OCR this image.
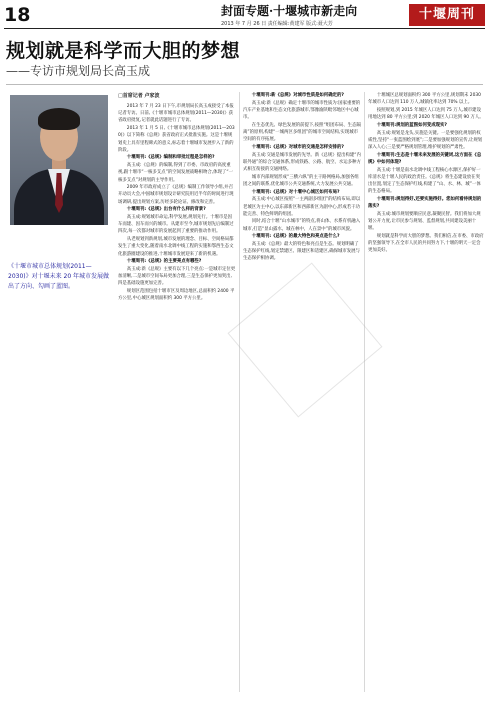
18	封面专题·十堰城市新走向
2013 年 7 月 26 日 责任编辑:黄建军 版式:聂大芳
十堰周刊
规划就是科学而大胆的梦想
——专访市规划局长高玉成
《十堰市城市总体规划(2011—2030)》对十堰未来 20 年城市发展做出了方向、勾画了蓝图。
□首席记者 卢家波

2013 年 7 月 23 日下午,市规划局长高玉成接受了本报记者专访。日前,《十堰市城市总体规划(2011—2030)》获省政府批复,记者就此话题进行了专访。

2013 年 1 月 5 日,《十堰市城市总体规划(2011—2030)》以下简称《总规》获省政府正式批准实施。这是十堰规划史上具有里程碑式的意义,标志着十堰城市发展步入了新的阶段。

十堰周刊:《总规》编制和审批过程是怎样的?

高玉成:《总规》的编制,得到了市委、市政府的高度重视,跟十堰市“一核多支点”的空间发展战略相吻合,体现了“一核多支点”对规划的主导作用。

2009 年市政府成立了《总规》编制工作领导小组,并召开动员大会,中国城市规划设计研究院用近半年的时间进行现场调研,提出规划方案,历经多轮论证、修改和完善。

十堰周刊:《总规》出台有什么样的背景?

高玉成:规划城市命运,科学发展,规划先行。十堰市是因车而建、因车而兴的城市。从建市至今,城市规划先后编制过四次,每一次都对城市的发展起到了重要的推动作用。

从老规划到新规划,城市发展的理念、目标、空间格局都发生了重大变化,随着南水北调中线工程的实施和鄂西生态文化旅游圈建设的推进,十堰城市发展迎来了新的机遇。

十堰周刊:《总规》的主要亮点有哪些?

高玉成:新《总规》主要有以下几个亮点:一是城市定位更加清晰,二是城市空间布局更加合理,三是生态保护更加突出,四是基础设施更加完善。

规划区范围包括十堰市区及周边地区,总面积约 2400 平方公里,中心城区规划面积约 300 平方公里。

十堰周刊:新《总规》对城市性质是如何确定的?

高玉成:新《总规》确定十堰市的城市性质为:国家重要的汽车产业基地和生态文化旅游城市,鄂豫渝陕毗邻地区中心城市。

在生态优先、绿色发展的前提下,按照“组团布局、生态隔离”的原则,构建“一城两区多组团”的城市空间结构,实现城市空间的有序拓展。

十堰周刊:《总规》对城市的交通是怎样安排的?

高玉成:交通是城市发展的先导。新《总规》提出构建“内联外通”的综合交通体系,形成铁路、公路、航空、水运多种方式相互衔接的交通网络。

城市内部规划形成“三横六纵”的主干路网格局,加强各组团之间的联系,优化城市公共交通系统,大力发展公共交通。

十堰周刊:《总规》对十堰中心城区如何布局?

高玉成:中心城区按照“一主两副多组团”的结构布局,即以老城区为主中心,以东部新区和西部新区为副中心,形成若干功能完善、特色鲜明的组团。

同时,结合十堰“山水城市”的特点,将山体、水系有机融入城市,打造“显山露水、城在林中、人在景中”的城市风貌。

十堰周刊:《总规》的最大特色和亮点是什么?

高玉成:《总规》最大的特色和亮点是生态。规划明确了生态保护红线,划定禁建区、限建区和适建区,确保城市发展与生态保护相协调。

十堰城区总规划面积约 300 平方公里,规划期末 2030 年城市人口达到 110 万人,城镇化率达到 70% 以上。

按照规划,到 2015 年城区人口达到 75 万人,城市建设用地达到 80 平方公里;到 2020 年城区人口达到 90 万人。

十堰周刊:规划的蓝图如何变成现实?

高玉成:规划是龙头,实施是关键。一是要强化规划的权威性,坚持“一张蓝图绘到底”;二是要加强规划的宣传,让规划深入人心;三是要严格规划管理,维护规划的严肃性。

十堰周刊:生态是十堰未来发展的关键词,这方面在《总规》中如何体现?

高玉成:十堰是南水北调中线工程核心水源区,保护好一库清水是十堰人民的政治责任。《总规》将生态建设放在突出位置,划定了生态保护红线,构建了“山、水、林、城”一体的生态格局。

十堰周刊:规划得好,还要实施得好。您如何看待规划的落实?

高玉成:城市规划要顺应民意,凝聚民智。我们将加大规划公开力度,让市民参与规划、监督规划,共同建设美丽十堰。

规划就是科学而大胆的梦想。我们相信,在市委、市政府的坚强领导下,在全市人民的共同努力下,十堰的明天一定会更加美好。
